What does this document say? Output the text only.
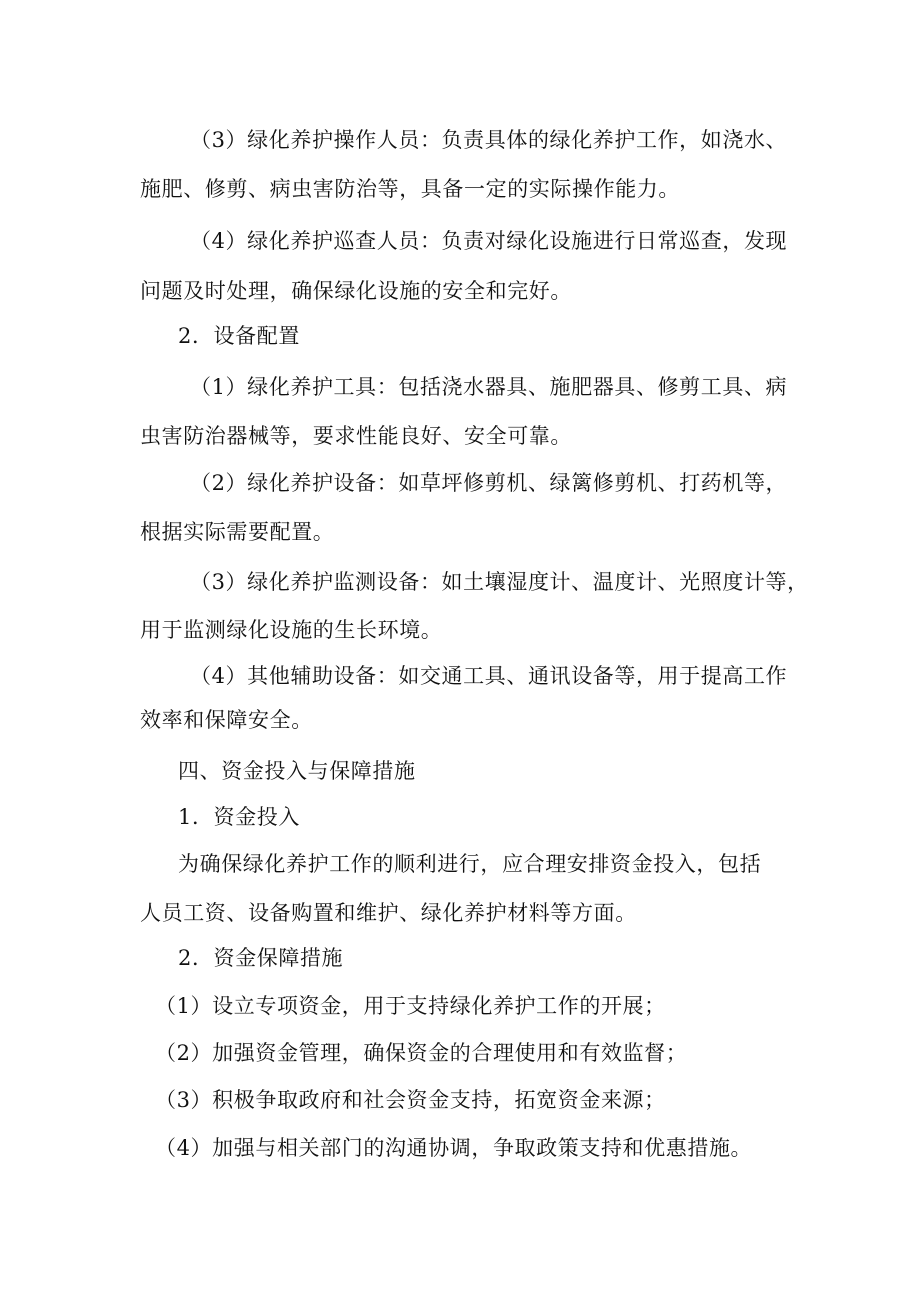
（3）绿化养护操作人员：负责具体的绿化养护工作，如浇水、
施肥、修剪、病虫害防治等，具备一定的实际操作能力。
（4）绿化养护巡查人员：负责对绿化设施进行日常巡查，发现
问题及时处理，确保绿化设施的安全和完好。
2．设备配置
（1）绿化养护工具：包括浇水器具、施肥器具、修剪工具、病
虫害防治器械等，要求性能良好、安全可靠。
（2）绿化养护设备：如草坪修剪机、绿篱修剪机、打药机等，
根据实际需要配置。
（3）绿化养护监测设备：如土壤湿度计、温度计、光照度计等，
用于监测绿化设施的生长环境。
（4）其他辅助设备：如交通工具、通讯设备等，用于提高工作
效率和保障安全。
四、资金投入与保障措施
1．资金投入
为确保绿化养护工作的顺利进行，应合理安排资金投入，包括
人员工资、设备购置和维护、绿化养护材料等方面。
2．资金保障措施
（1）设立专项资金，用于支持绿化养护工作的开展；
（2）加强资金管理，确保资金的合理使用和有效监督；
（3）积极争取政府和社会资金支持，拓宽资金来源；
（4）加强与相关部门的沟通协调，争取政策支持和优惠措施。
